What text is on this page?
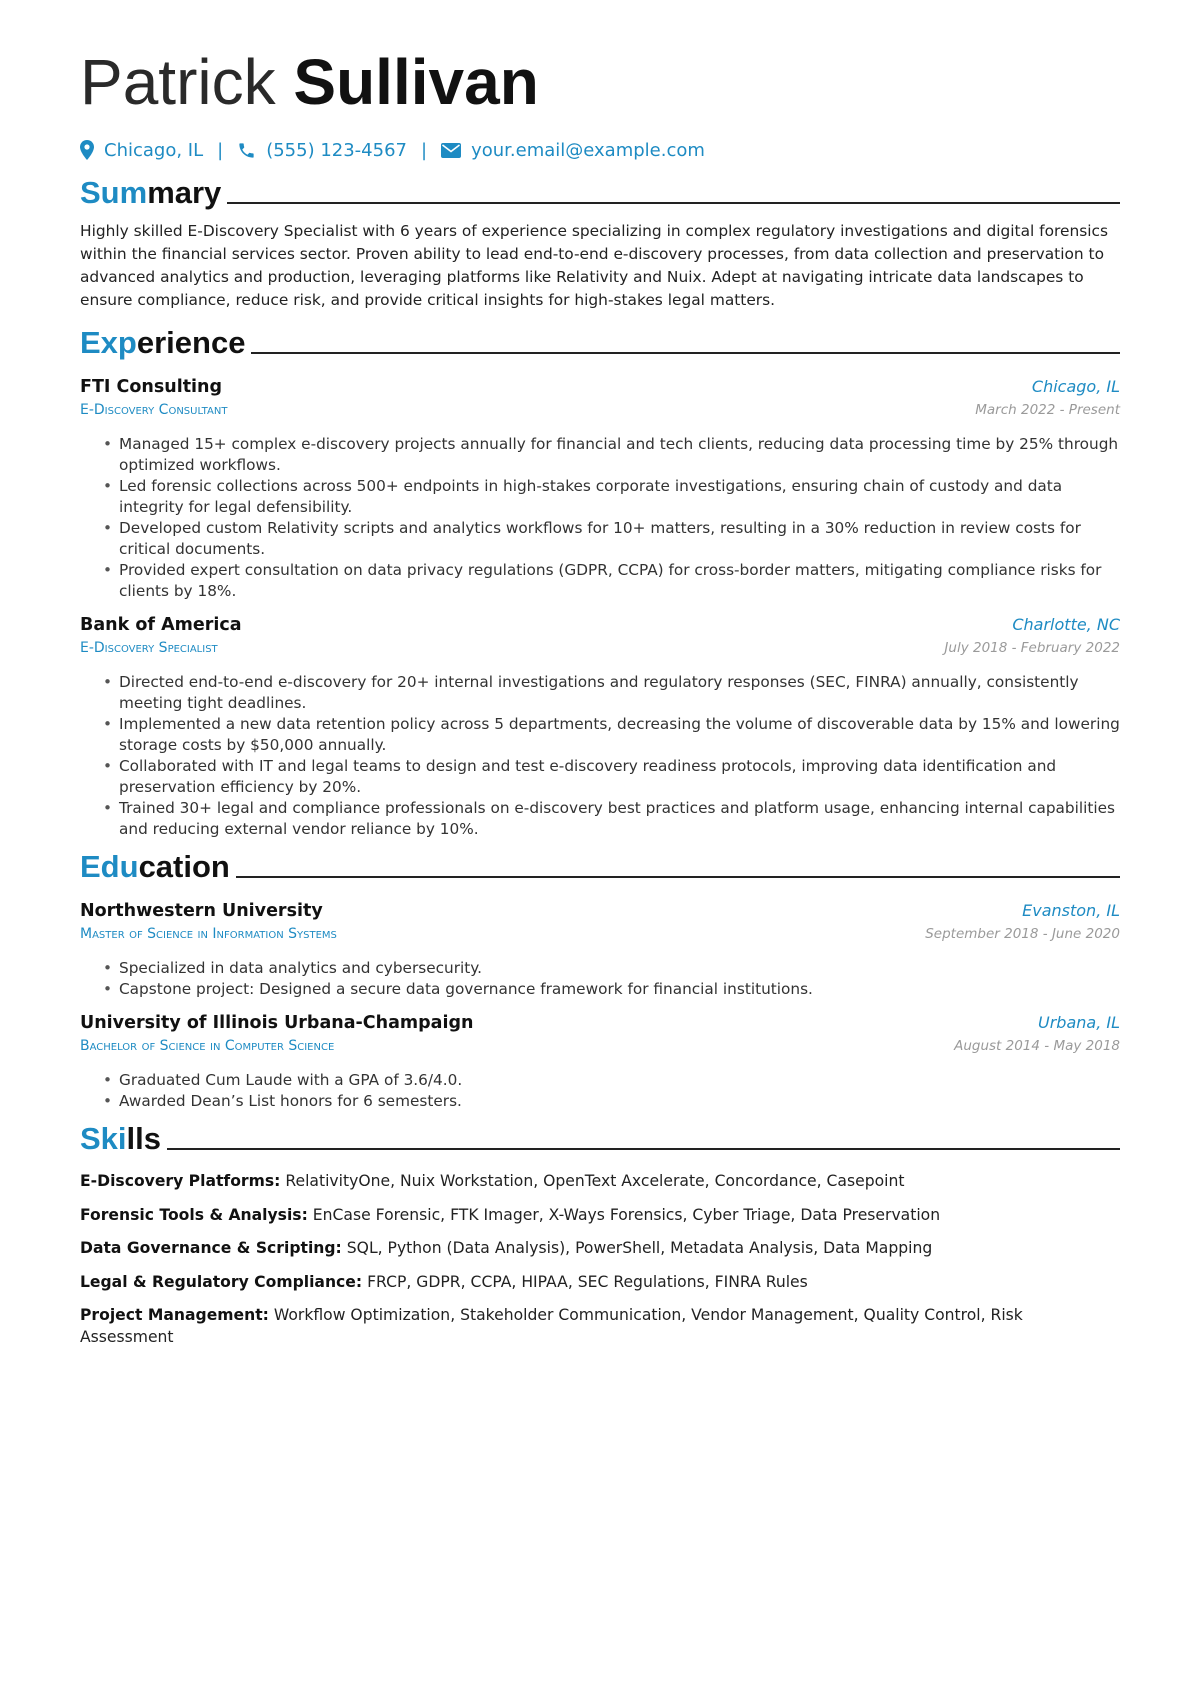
Patrick Sullivan
Chicago, IL | (555) 123-4567 | your.email@example.com
Summary
Highly skilled E-Discovery Specialist with 6 years of experience specializing in complex regulatory investigations and digital forensics within the financial services sector. Proven ability to lead end-to-end e-discovery processes, from data collection and preservation to advanced analytics and production, leveraging platforms like Relativity and Nuix. Adept at navigating intricate data landscapes to ensure compliance, reduce risk, and provide critical insights for high-stakes legal matters.
Experience
FTI Consulting	Chicago, IL
E-Discovery Consultant	March 2022 - Present
• Managed 15+ complex e-discovery projects annually for financial and tech clients, reducing data processing time by 25% through optimized workflows.
• Led forensic collections across 500+ endpoints in high-stakes corporate investigations, ensuring chain of custody and data integrity for legal defensibility.
• Developed custom Relativity scripts and analytics workflows for 10+ matters, resulting in a 30% reduction in review costs for critical documents.
• Provided expert consultation on data privacy regulations (GDPR, CCPA) for cross-border matters, mitigating compliance risks for clients by 18%.
Bank of America	Charlotte, NC
E-Discovery Specialist	July 2018 - February 2022
• Directed end-to-end e-discovery for 20+ internal investigations and regulatory responses (SEC, FINRA) annually, consistently meeting tight deadlines.
• Implemented a new data retention policy across 5 departments, decreasing the volume of discoverable data by 15% and lowering storage costs by $50,000 annually.
• Collaborated with IT and legal teams to design and test e-discovery readiness protocols, improving data identification and preservation efficiency by 20%.
• Trained 30+ legal and compliance professionals on e-discovery best practices and platform usage, enhancing internal capabilities and reducing external vendor reliance by 10%.
Education
Northwestern University	Evanston, IL
Master of Science in Information Systems	September 2018 - June 2020
• Specialized in data analytics and cybersecurity.
• Capstone project: Designed a secure data governance framework for financial institutions.
University of Illinois Urbana-Champaign	Urbana, IL
Bachelor of Science in Computer Science	August 2014 - May 2018
• Graduated Cum Laude with a GPA of 3.6/4.0.
• Awarded Dean’s List honors for 6 semesters.
Skills
E-Discovery Platforms: RelativityOne, Nuix Workstation, OpenText Axcelerate, Concordance, Casepoint
Forensic Tools & Analysis: EnCase Forensic, FTK Imager, X-Ways Forensics, Cyber Triage, Data Preservation
Data Governance & Scripting: SQL, Python (Data Analysis), PowerShell, Metadata Analysis, Data Mapping
Legal & Regulatory Compliance: FRCP, GDPR, CCPA, HIPAA, SEC Regulations, FINRA Rules
Project Management: Workflow Optimization, Stakeholder Communication, Vendor Management, Quality Control, Risk Assessment
